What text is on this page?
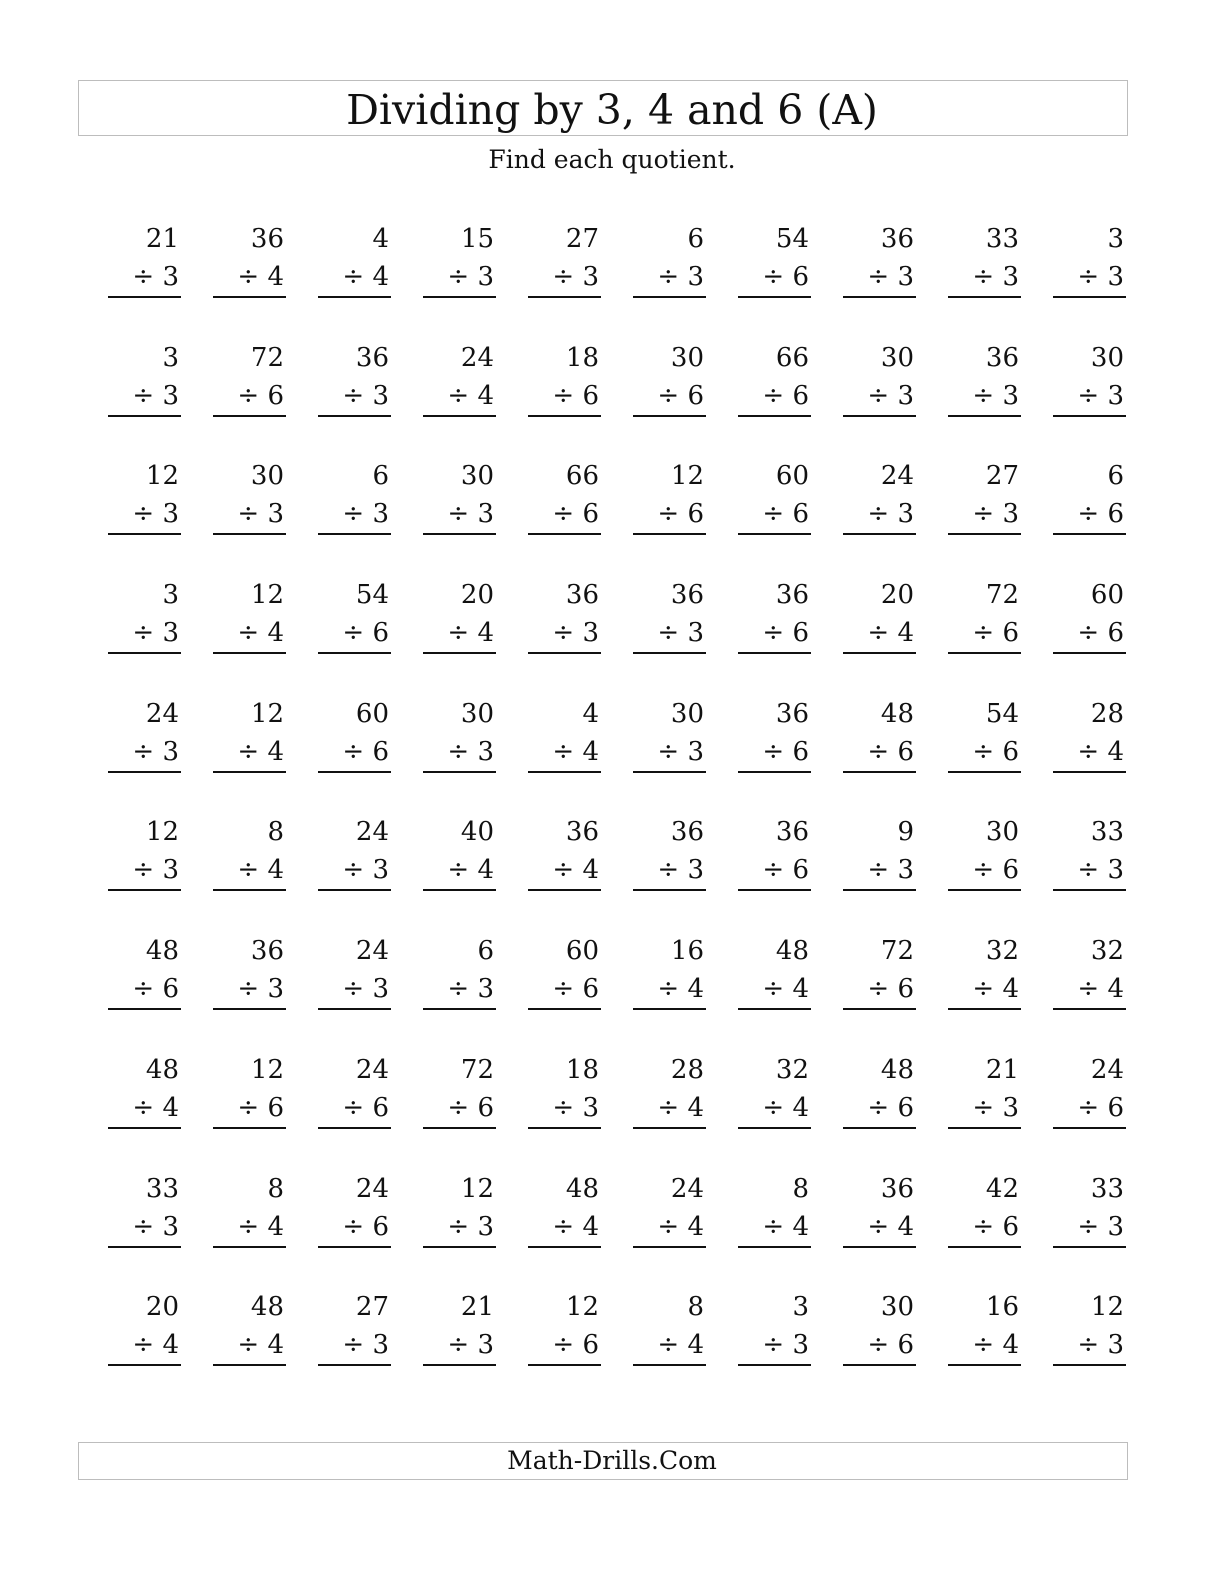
Dividing by 3, 4 and 6 (A)
Find each quotient.
21
÷ 3
36
÷ 4
4
÷ 4
15
÷ 3
27
÷ 3
6
÷ 3
54
÷ 6
36
÷ 3
33
÷ 3
3
÷ 3
3
÷ 3
72
÷ 6
36
÷ 3
24
÷ 4
18
÷ 6
30
÷ 6
66
÷ 6
30
÷ 3
36
÷ 3
30
÷ 3
12
÷ 3
30
÷ 3
6
÷ 3
30
÷ 3
66
÷ 6
12
÷ 6
60
÷ 6
24
÷ 3
27
÷ 3
6
÷ 6
3
÷ 3
12
÷ 4
54
÷ 6
20
÷ 4
36
÷ 3
36
÷ 3
36
÷ 6
20
÷ 4
72
÷ 6
60
÷ 6
24
÷ 3
12
÷ 4
60
÷ 6
30
÷ 3
4
÷ 4
30
÷ 3
36
÷ 6
48
÷ 6
54
÷ 6
28
÷ 4
12
÷ 3
8
÷ 4
24
÷ 3
40
÷ 4
36
÷ 4
36
÷ 3
36
÷ 6
9
÷ 3
30
÷ 6
33
÷ 3
48
÷ 6
36
÷ 3
24
÷ 3
6
÷ 3
60
÷ 6
16
÷ 4
48
÷ 4
72
÷ 6
32
÷ 4
32
÷ 4
48
÷ 4
12
÷ 6
24
÷ 6
72
÷ 6
18
÷ 3
28
÷ 4
32
÷ 4
48
÷ 6
21
÷ 3
24
÷ 6
33
÷ 3
8
÷ 4
24
÷ 6
12
÷ 3
48
÷ 4
24
÷ 4
8
÷ 4
36
÷ 4
42
÷ 6
33
÷ 3
20
÷ 4
48
÷ 4
27
÷ 3
21
÷ 3
12
÷ 6
8
÷ 4
3
÷ 3
30
÷ 6
16
÷ 4
12
÷ 3
Math-Drills.Com
